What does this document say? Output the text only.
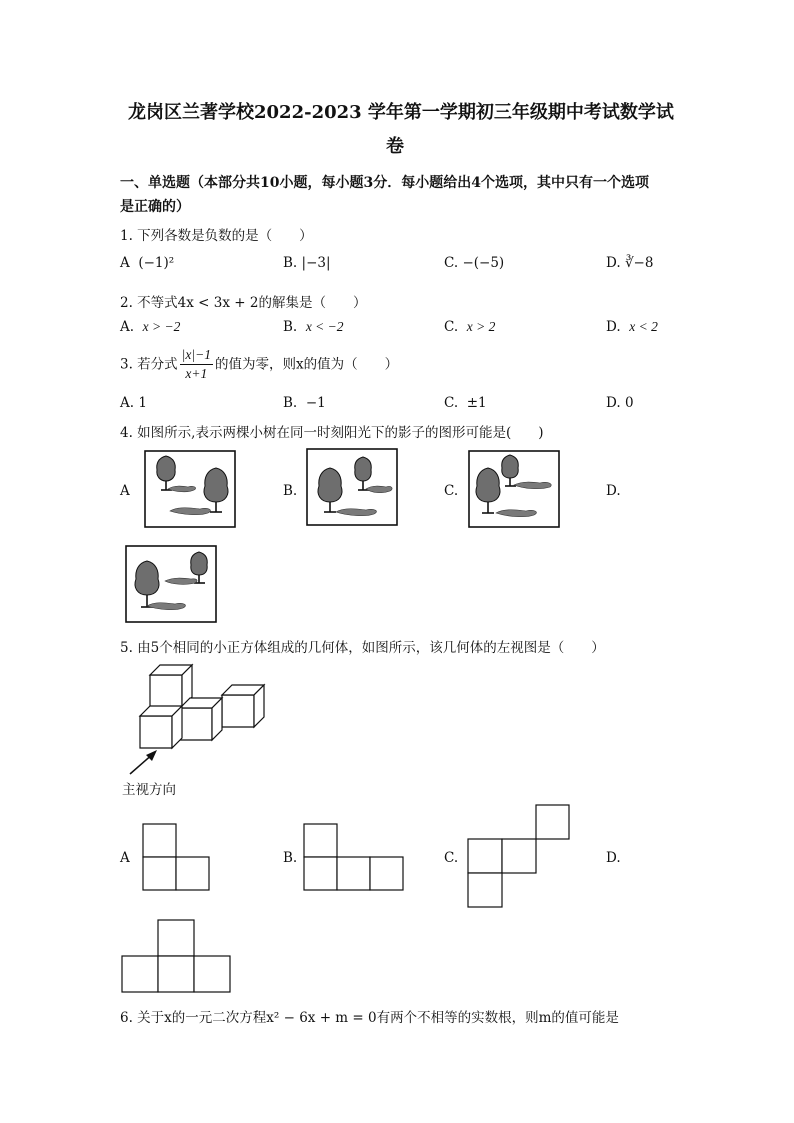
龙岗区兰著学校2022-2023 学年第一学期初三年级期中考试数学试
卷
一、单选题（本部分共10小题，每小题3分．每小题给出4个选项，其中只有一个选项
是正确的）
1. 下列各数是负数的是（　　）
A (−1)²	B. |−3|	C. −(−5)	D. ∛−8
2. 不等式4x < 3x + 2的解集是（　　）
A. x > −2	B. x < −2	C. x > 2	D. x < 2
3. 若分式 $\frac{|x|-1}{x+1}$ 的值为零，则x的值为（　　）
A. 1	B. −1	C. ±1	D. 0
4. 如图所示,表示两棵小树在同一时刻阳光下的影子的图形可能是(　　)
A	B.	C.	D.
5. 由5个相同的小正方体组成的几何体，如图所示，该几何体的左视图是（　　）
主视方向
A	B.	C.	D.
6. 关于x的一元二次方程x² − 6x + m = 0有两个不相等的实数根，则m的值可能是
